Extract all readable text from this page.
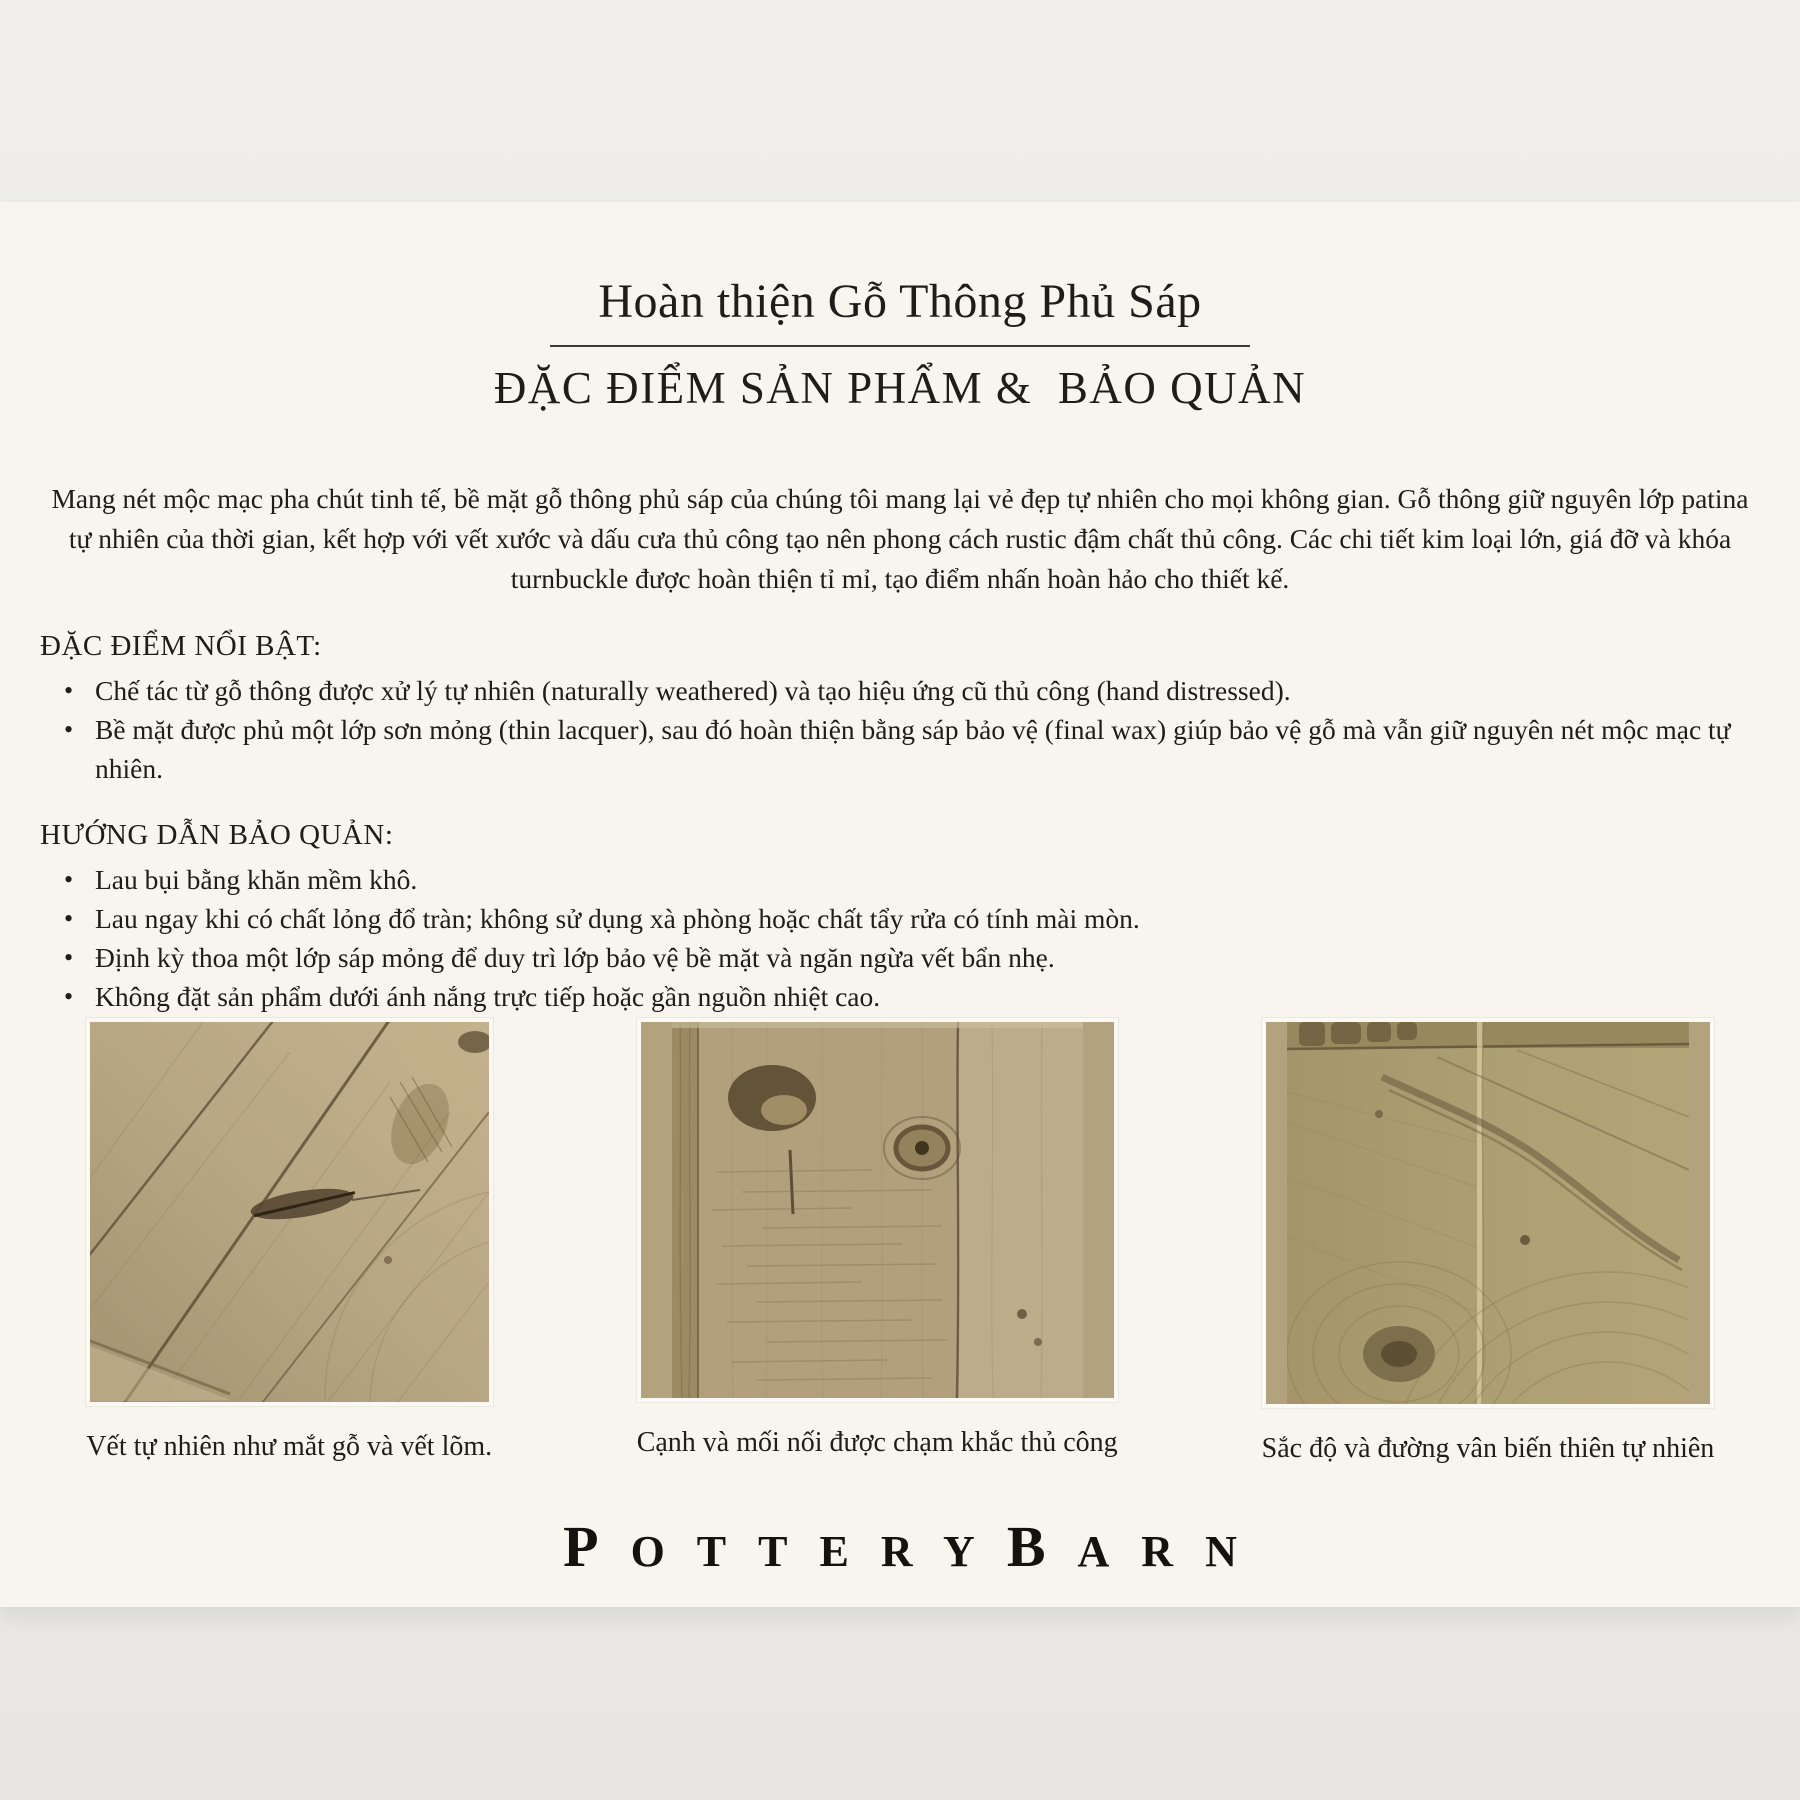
Hoàn thiện Gỗ Thông Phủ Sáp
ĐẶC ĐIỂM SẢN PHẨM &  BẢO QUẢN

Mang nét mộc mạc pha chút tinh tế, bề mặt gỗ thông phủ sáp của chúng tôi mang lại vẻ đẹp tự nhiên cho mọi không gian. Gỗ thông giữ nguyên lớp patina tự nhiên của thời gian, kết hợp với vết xước và dấu cưa thủ công tạo nên phong cách rustic đậm chất thủ công. Các chi tiết kim loại lớn, giá đỡ và khóa turnbuckle được hoàn thiện tỉ mỉ, tạo điểm nhấn hoàn hảo cho thiết kế.

ĐẶC ĐIỂM NỔI BẬT:
• Chế tác từ gỗ thông được xử lý tự nhiên (naturally weathered) và tạo hiệu ứng cũ thủ công (hand distressed).
• Bề mặt được phủ một lớp sơn mỏng (thin lacquer), sau đó hoàn thiện bằng sáp bảo vệ (final wax) giúp bảo vệ gỗ mà vẫn giữ nguyên nét mộc mạc tự nhiên.
HƯỚNG DẪN BẢO QUẢN:
• Lau bụi bằng khăn mềm khô.
• Lau ngay khi có chất lỏng đổ tràn; không sử dụng xà phòng hoặc chất tẩy rửa có tính mài mòn.
• Định kỳ thoa một lớp sáp mỏng để duy trì lớp bảo vệ bề mặt và ngăn ngừa vết bẩn nhẹ.
• Không đặt sản phẩm dưới ánh nắng trực tiếp hoặc gần nguồn nhiệt cao.
Vết tự nhiên như mắt gỗ và vết lõm.	Cạnh và mối nối được chạm khắc thủ công	Sắc độ và đường vân biến thiên tự nhiên
POTTERYBARN
